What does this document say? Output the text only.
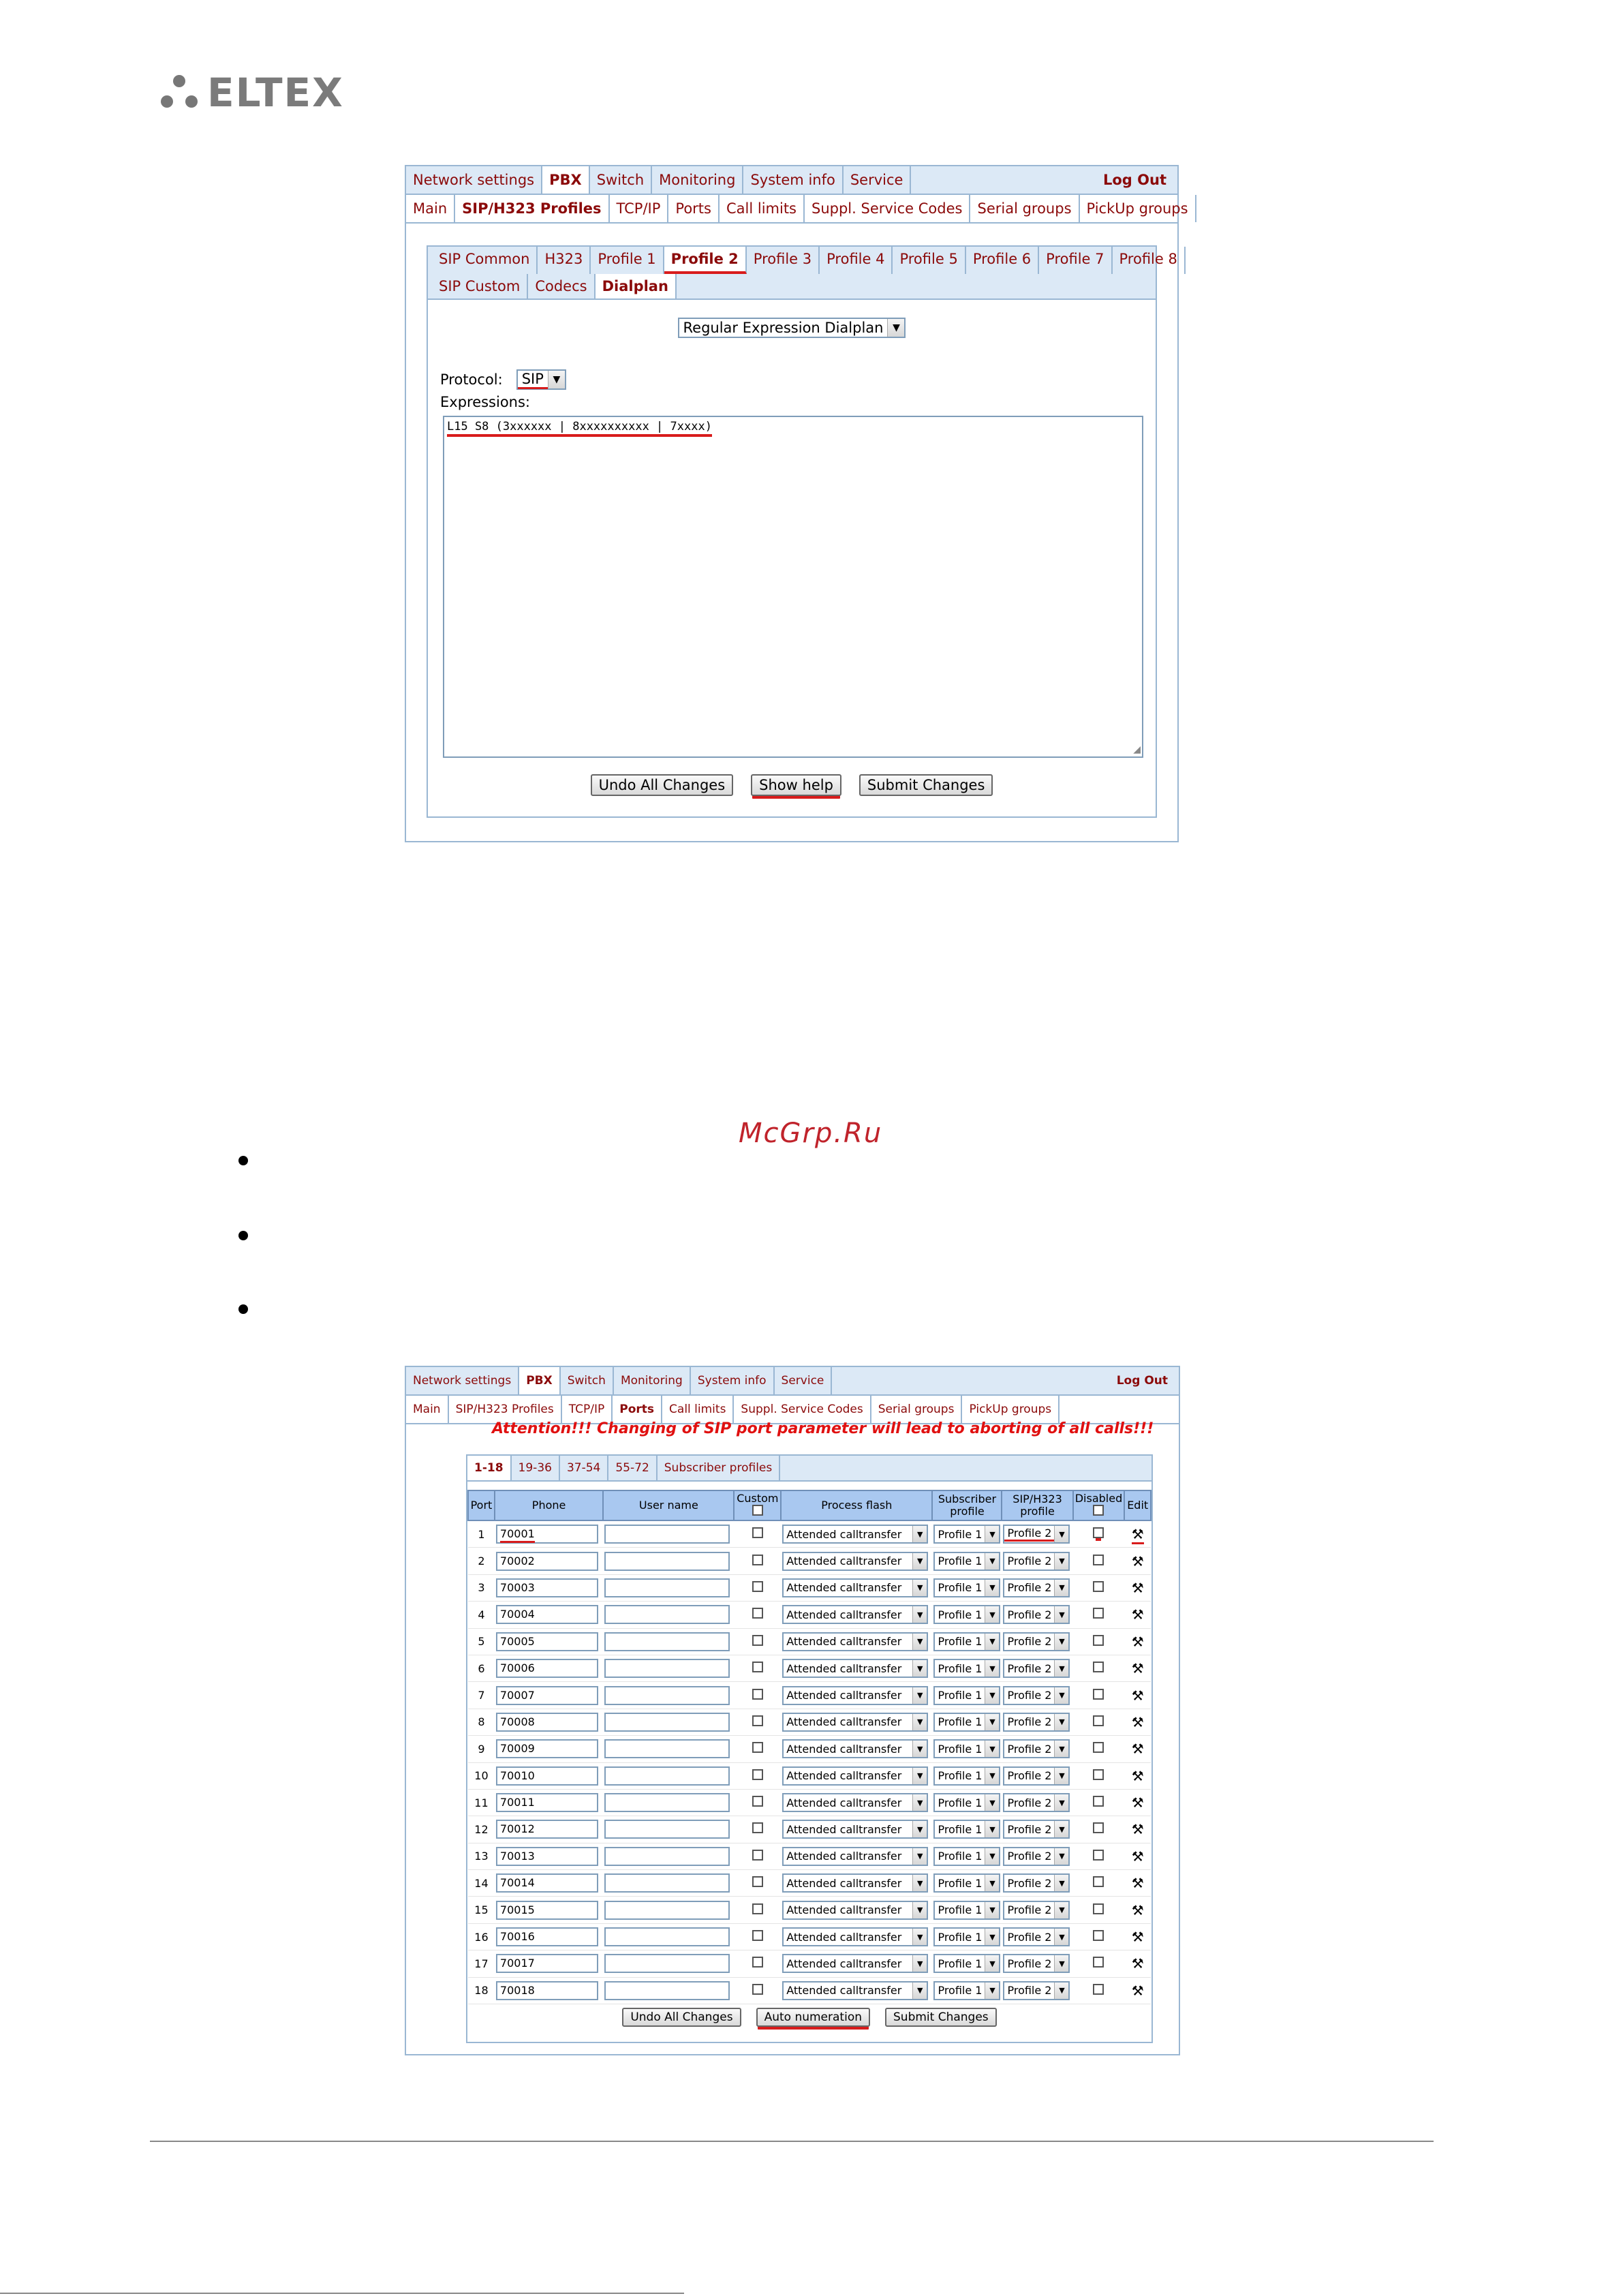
ELTEX
Network settings	PBX	Switch	Monitoring	System info	Service	Log Out
Main	SIP/H323 Profiles	TCP/IP	Ports	Call limits	Suppl. Service Codes	Serial groups	PickUp groups
SIP Common	H323	Profile 1	Profile 2	Profile 3	Profile 4	Profile 5	Profile 6	Profile 7	Profile 8
SIP Custom	Codecs	Dialplan
Regular Expression Dialplan ▼
Protocol: SIP ▼
Expressions:
L15 S8 (3xxxxxx | 8xxxxxxxxxx | 7xxxx)
◢
Undo All Changes	Show help	Submit Changes
McGrp.Ru
Network settings	PBX	Switch	Monitoring	System info	Service	Log Out
Main	SIP/H323 Profiles	TCP/IP	Ports	Call limits	Suppl. Service Codes	Serial groups	PickUp groups
Attention!!! Changing of SIP port parameter will lead to aborting of all calls!!!
1-18	19-36	37-54	55-72	Subscriber profiles
Port	Phone	User name	Custom	Process flash	Subscriber
profile	SIP/H323
profile	Disabled	Edit
1	70001			Attended calltransfer ▼	Profile 1 ▼	Profile 2 ▼		⚒
2	70002			Attended calltransfer ▼	Profile 1 ▼	Profile 2 ▼		⚒
3	70003			Attended calltransfer ▼	Profile 1 ▼	Profile 2 ▼		⚒
4	70004			Attended calltransfer ▼	Profile 1 ▼	Profile 2 ▼		⚒
5	70005			Attended calltransfer ▼	Profile 1 ▼	Profile 2 ▼		⚒
6	70006			Attended calltransfer ▼	Profile 1 ▼	Profile 2 ▼		⚒
7	70007			Attended calltransfer ▼	Profile 1 ▼	Profile 2 ▼		⚒
8	70008			Attended calltransfer ▼	Profile 1 ▼	Profile 2 ▼		⚒
9	70009			Attended calltransfer ▼	Profile 1 ▼	Profile 2 ▼		⚒
10	70010			Attended calltransfer ▼	Profile 1 ▼	Profile 2 ▼		⚒
11	70011			Attended calltransfer ▼	Profile 1 ▼	Profile 2 ▼		⚒
12	70012			Attended calltransfer ▼	Profile 1 ▼	Profile 2 ▼		⚒
13	70013			Attended calltransfer ▼	Profile 1 ▼	Profile 2 ▼		⚒
14	70014			Attended calltransfer ▼	Profile 1 ▼	Profile 2 ▼		⚒
15	70015			Attended calltransfer ▼	Profile 1 ▼	Profile 2 ▼		⚒
16	70016			Attended calltransfer ▼	Profile 1 ▼	Profile 2 ▼		⚒
17	70017			Attended calltransfer ▼	Profile 1 ▼	Profile 2 ▼		⚒
18	70018			Attended calltransfer ▼	Profile 1 ▼	Profile 2 ▼		⚒
Undo All Changes	Auto numeration	Submit Changes
